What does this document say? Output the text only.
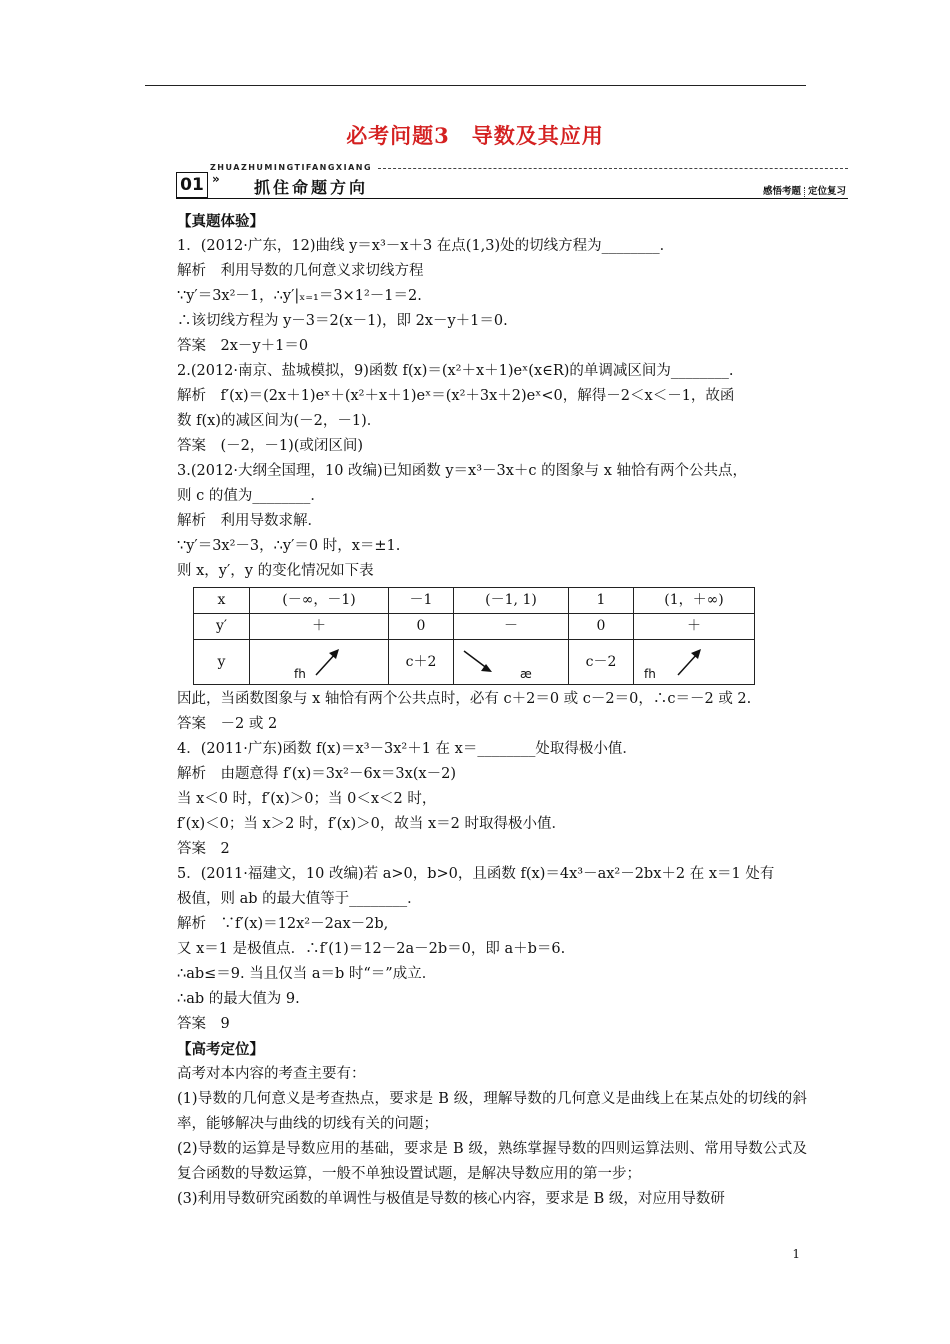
必考问题3　导数及其应用
ZHUAZHUMINGTIFANGXIANG
01 » 抓住命题方向	感悟考题 定位复习
【真题体验】
1．(2012·广东，12)曲线 y＝x³－x＋3 在点(1,3)处的切线方程为________．
解析　利用导数的几何意义求切线方程
∵y′＝3x²－1，∴y′|ₓ₌₁＝3×1²－1＝2.
∴该切线方程为 y－3＝2(x－1)，即 2x－y＋1＝0.
答案　2x－y＋1＝0
2.(2012·南京、盐城模拟，9)函数 f(x)＝(x²＋x＋1)eˣ(x∈R)的单调减区间为________.
解析　f′(x)＝(2x＋1)eˣ＋(x²＋x＋1)eˣ＝(x²＋3x＋2)eˣ<0，解得－2＜x＜－1，故函
数 f(x)的减区间为(－2，－1)．
答案　(－2，－1)(或闭区间)
3.(2012·大纲全国理，10 改编)已知函数 y＝x³－3x＋c 的图象与 x 轴恰有两个公共点，
则 c 的值为________．
解析　利用导数求解．
∵y′＝3x²－3，∴y′＝0 时，x＝±1.
则 x，y′，y 的变化情况如下表
x	(－∞，－1)	－1	(－1, 1)	1	(1，＋∞)
y′	＋	0	－	0	＋
y	fh	c＋2	æ	c－2	fh
因此，当函数图象与 x 轴恰有两个公共点时，必有 c＋2＝0 或 c－2＝0，∴c＝－2 或 2.
答案　－2 或 2
4．(2011·广东)函数 f(x)＝x³－3x²＋1 在 x＝________处取得极小值．
解析　由题意得 f′(x)＝3x²－6x＝3x(x－2)
当 x＜0 时，f′(x)＞0；当 0＜x＜2 时，
f′(x)＜0；当 x＞2 时，f′(x)＞0，故当 x＝2 时取得极小值．
答案　2
5．(2011·福建文，10 改编)若 a>0，b>0，且函数 f(x)＝4x³－ax²－2bx＋2 在 x＝1 处有
极值，则 ab 的最大值等于________．
解析　∵f′(x)＝12x²－2ax－2b,
又 x＝1 是极值点．∴f′(1)＝12－2a－2b＝0，即 a＋b＝6.
∴ab≤＝9. 当且仅当 a＝b 时“＝”成立．
∴ab 的最大值为 9.
答案　9
【高考定位】
高考对本内容的考查主要有：
(1)导数的几何意义是考查热点，要求是 B 级，理解导数的几何意义是曲线上在某点处的切线的斜率，能够解决与曲线的切线有关的问题；
(2)导数的运算是导数应用的基础，要求是 B 级，熟练掌握导数的四则运算法则、常用导数公式及复合函数的导数运算，一般不单独设置试题，是解决导数应用的第一步；
(3)利用导数研究函数的单调性与极值是导数的核心内容，要求是 B 级，对应用导数研
1
